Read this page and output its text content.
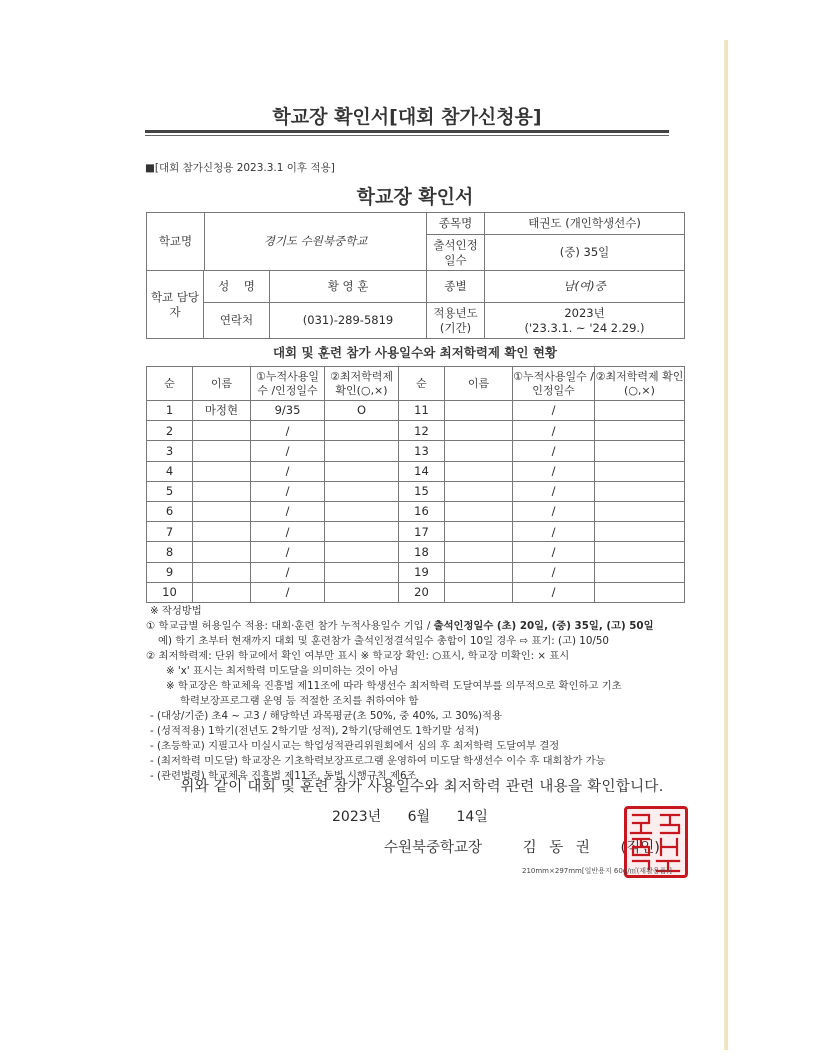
학교장 확인서[대회 참가신청용]
■[대회 참가신청용 2023.3.1 이후 적용]
학교장 확인서
학교명 경기도 수원북중학교			종목명	태권도 (개인학생선수)
			출석인정 일수	(중) 35일
학교 담당자	성    명	황 영 훈	종별	남(여)중
	연락처	(031)-289-5819	적용년도 (기간)	2023년
('23.3.1. ~ '24 2.29.)
대회 및 훈련 참가 사용일수와 최저학력제 확인 현황
순	이름	①누적사용일수 /인정일수	②최저학력제 확인(○,×)	순	이름	①누적사용일수 /인정일수	②최저학력제 확인(○,×)
1	마정현	9/35	O	11		/	
2		/		12		/	
3		/		13		/	
4		/		14		/	
5		/		15		/	
6		/		16		/	
7		/		17		/	
8		/		18		/	
9		/		19		/	
10		/		20		/	
※ 작성방법
① 학교급별 허용일수 적용: 대회·훈련 참가 누적사용일수 기입 / 출석인정일수 (초) 20일, (중) 35일, (고) 50일
예) 학기 초부터 현재까지 대회 및 훈련참가 출석인정결석일수 총합이 10일 경우 ⇨ 표기: (고) 10/50
② 최저학력제: 단위 학교에서 확인 여부만 표시 ※ 학교장 확인: ○표시, 학교장 미확인: × 표시
※ 'x' 표시는 최저학력 미도달을 의미하는 것이 아님
※ 학교장은 학교체육 진흥법 제11조에 따라 학생선수 최저학력 도달여부를 의무적으로 확인하고 기초
학력보장프로그램 운영 등 적절한 조치를 취하여야 함
- (대상/기준) 초4 ~ 고3 / 해당학년 과목평균(초 50%, 중 40%, 고 30%)적용
- (성적적용) 1학기(전년도 2학기말 성적), 2학기(당해연도 1학기말 성적)
- (초등학교) 지필고사 미실시교는 학업성적관리위원회에서 심의 후 최저학력 도달여부 결정
- (최저학력 미도달) 학교장은 기초학력보장프로그램 운영하여 미도달 학생선수 이수 후 대회참가 가능
- (관련법령) 학교체육 진흥법 제11조, 동법 시행규칙 제6조
위와 같이 대회 및 훈련 참가 사용일수와 최저학력 관련 내용을 확인합니다.
2023년 6월 14일
수원북중학교장	김 동 권 (직인)
210mm×297mm[일반용지 60g/㎡(재활용품)]
